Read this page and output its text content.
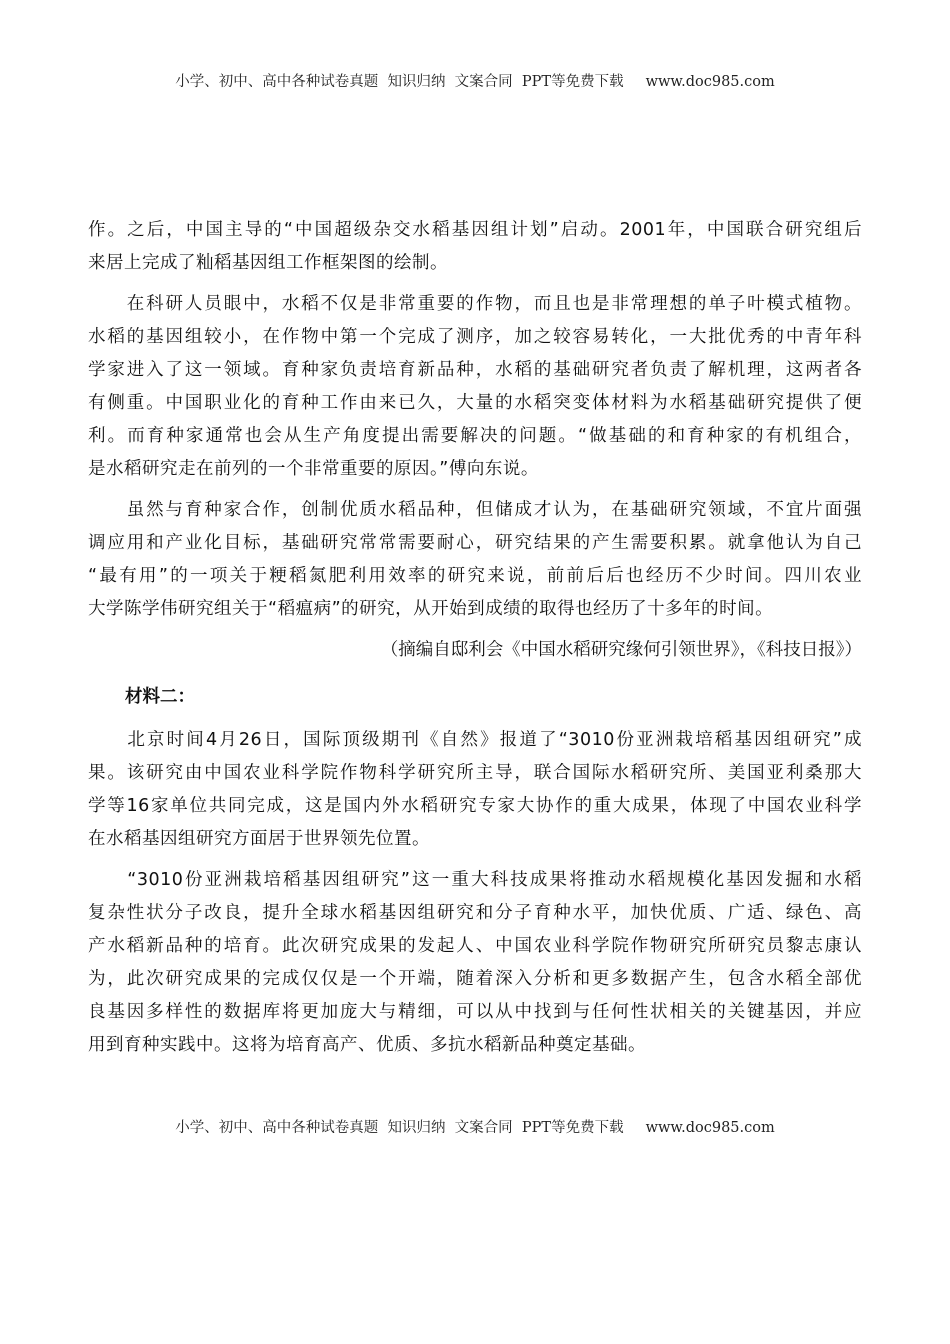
小学、初中、高中各种试卷真题  知识归纳  文案合同  PPT等免费下载 www.doc985.com
作。之后，中国主导的“中国超级杂交水稻基因组计划”启动。2001年，中国联合研究组后
来居上完成了籼稻基因组工作框架图的绘制。
　　在科研人员眼中，水稻不仅是非常重要的作物，而且也是非常理想的单子叶模式植物。
水稻的基因组较小，在作物中第一个完成了测序，加之较容易转化，一大批优秀的中青年科
学家进入了这一领域。育种家负责培育新品种，水稻的基础研究者负责了解机理，这两者各
有侧重。中国职业化的育种工作由来已久，大量的水稻突变体材料为水稻基础研究提供了便
利。而育种家通常也会从生产角度提出需要解决的问题。“做基础的和育种家的有机组合，
是水稻研究走在前列的一个非常重要的原因。”傅向东说。
　　虽然与育种家合作，创制优质水稻品种，但储成才认为，在基础研究领域，不宜片面强
调应用和产业化目标，基础研究常常需要耐心，研究结果的产生需要积累。就拿他认为自己
“最有用”的一项关于粳稻氮肥利用效率的研究来说，前前后后也经历不少时间。四川农业
大学陈学伟研究组关于“稻瘟病”的研究，从开始到成绩的取得也经历了十多年的时间。
（摘编自邸利会《中国水稻研究缘何引领世界》，《科技日报》）
材料二：
　　北京时间4月26日，国际顶级期刊《自然》报道了“3010份亚洲栽培稻基因组研究”成
果。该研究由中国农业科学院作物科学研究所主导，联合国际水稻研究所、美国亚利桑那大
学等16家单位共同完成，这是国内外水稻研究专家大协作的重大成果，体现了中国农业科学
在水稻基因组研究方面居于世界领先位置。
　　“3010份亚洲栽培稻基因组研究”这一重大科技成果将推动水稻规模化基因发掘和水稻
复杂性状分子改良，提升全球水稻基因组研究和分子育种水平，加快优质、广适、绿色、高
产水稻新品种的培育。此次研究成果的发起人、中国农业科学院作物研究所研究员黎志康认
为，此次研究成果的完成仅仅是一个开端，随着深入分析和更多数据产生，包含水稻全部优
良基因多样性的数据库将更加庞大与精细，可以从中找到与任何性状相关的关键基因，并应
用到育种实践中。这将为培育高产、优质、多抗水稻新品种奠定基础。
小学、初中、高中各种试卷真题  知识归纳  文案合同  PPT等免费下载 www.doc985.com
